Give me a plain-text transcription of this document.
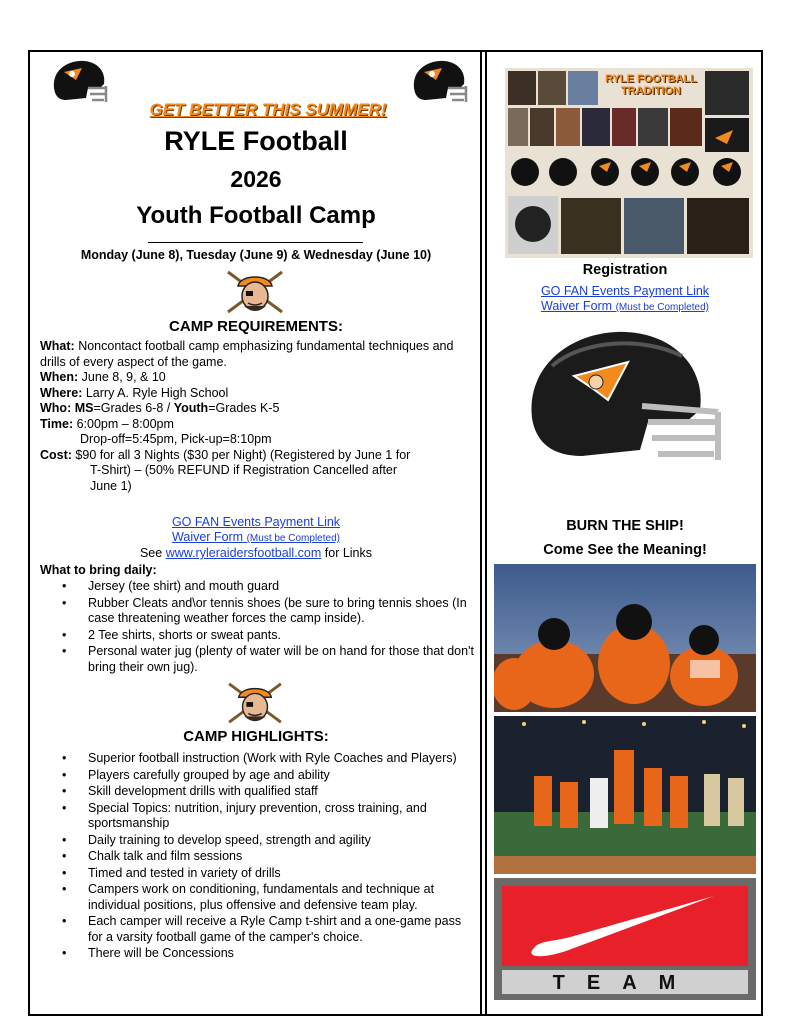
GET BETTER THIS SUMMER!
RYLE Football
2026
Youth Football Camp
Monday (June 8), Tuesday (June 9) & Wednesday (June 10)
CAMP REQUIREMENTS:

What: Noncontact football camp emphasizing fundamental techniques and drills of every aspect of the game.

When: June 8, 9, & 10

Where: Larry A. Ryle High School

Who: MS=Grades 6-8 / Youth=Grades K-5

Time: 6:00pm – 8:00pm

Drop-off=5:45pm, Pick-up=8:10pm

Cost: $90 for all 3 Nights ($30 per Night) (Registered by June 1 for

T-Shirt) – (50% REFUND if Registration Cancelled after

June 1)

GO FAN Events Payment Link
Waiver Form (Must be Completed)
See www.ryleraidersfootball.com for Links
What to bring daily:
• Jersey (tee shirt) and mouth guard
• Rubber Cleats and\or tennis shoes (be sure to bring tennis shoes (In case threatening weather forces the camp inside).
• 2 Tee shirts, shorts or sweat pants.
• Personal water jug (plenty of water will be on hand for those that don't bring their own jug).
CAMP HIGHLIGHTS:
• Superior football instruction (Work with Ryle Coaches and Players)
• Players carefully grouped by age and ability
• Skill development drills with qualified staff
• Special Topics: nutrition, injury prevention, cross training, and sportsmanship
• Daily training to develop speed, strength and agility
• Chalk talk and film sessions
• Timed and tested in variety of drills
• Campers work on conditioning, fundamentals and technique at individual positions, plus offensive and defensive team play.
• Each camper will receive a Ryle Camp t-shirt and a one-game pass for a varsity football game of the camper's choice.
• There will be Concessions
RYLE FOOTBALL TRADITION
Registration
GO FAN Events Payment Link
Waiver Form (Must be Completed)
BURN THE SHIP!
Come See the Meaning!
TEAM
